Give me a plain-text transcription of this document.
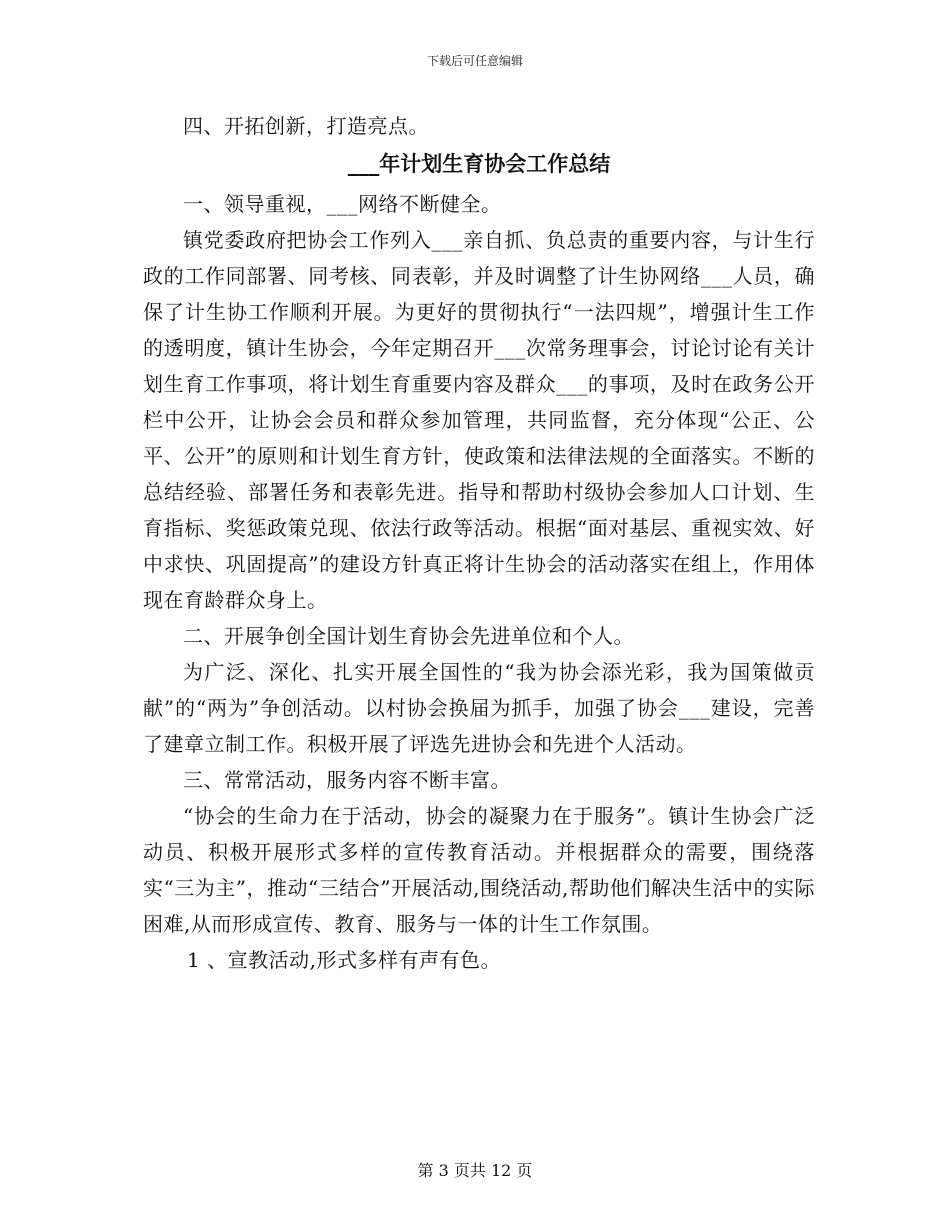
下载后可任意编辑

四、开拓创新，打造亮点。

___年计划生育协会工作总结

一、领导重视，___网络不断健全。

镇党委政府把协会工作列入___亲自抓、负总责的重要内容，与计生行政的工作同部署、同考核、同表彰，并及时调整了计生协网络___人员，确保了计生协工作顺利开展。为更好的贯彻执行“一法四规”，增强计生工作的透明度，镇计生协会，今年定期召开___次常务理事会，讨论讨论有关计划生育工作事项，将计划生育重要内容及群众___的事项，及时在政务公开栏中公开，让协会会员和群众参加管理，共同监督，充分体现“公正、公平、公开”的原则和计划生育方针，使政策和法律法规的全面落实。不断的总结经验、部署任务和表彰先进。指导和帮助村级协会参加人口计划、生育指标、奖惩政策兑现、依法行政等活动。根据“面对基层、重视实效、好中求快、巩固提高”的建设方针真正将计生协会的活动落实在组上，作用体现在育龄群众身上。

二、开展争创全国计划生育协会先进单位和个人。

为广泛、深化、扎实开展全国性的“我为协会添光彩，我为国策做贡献”的“两为”争创活动。以村协会换届为抓手，加强了协会___建设，完善了建章立制工作。积极开展了评选先进协会和先进个人活动。

三、常常活动，服务内容不断丰富。

“协会的生命力在于活动，协会的凝聚力在于服务”。镇计生协会广泛动员、积极开展形式多样的宣传教育活动。并根据群众的需要，围绕落实“三为主”，推动“三结合”开展活动,围绕活动,帮助他们解决生活中的实际困难,从而形成宣传、教育、服务与一体的计生工作氛围。

1 、宣教活动,形式多样有声有色。

第 3 页共 12 页
